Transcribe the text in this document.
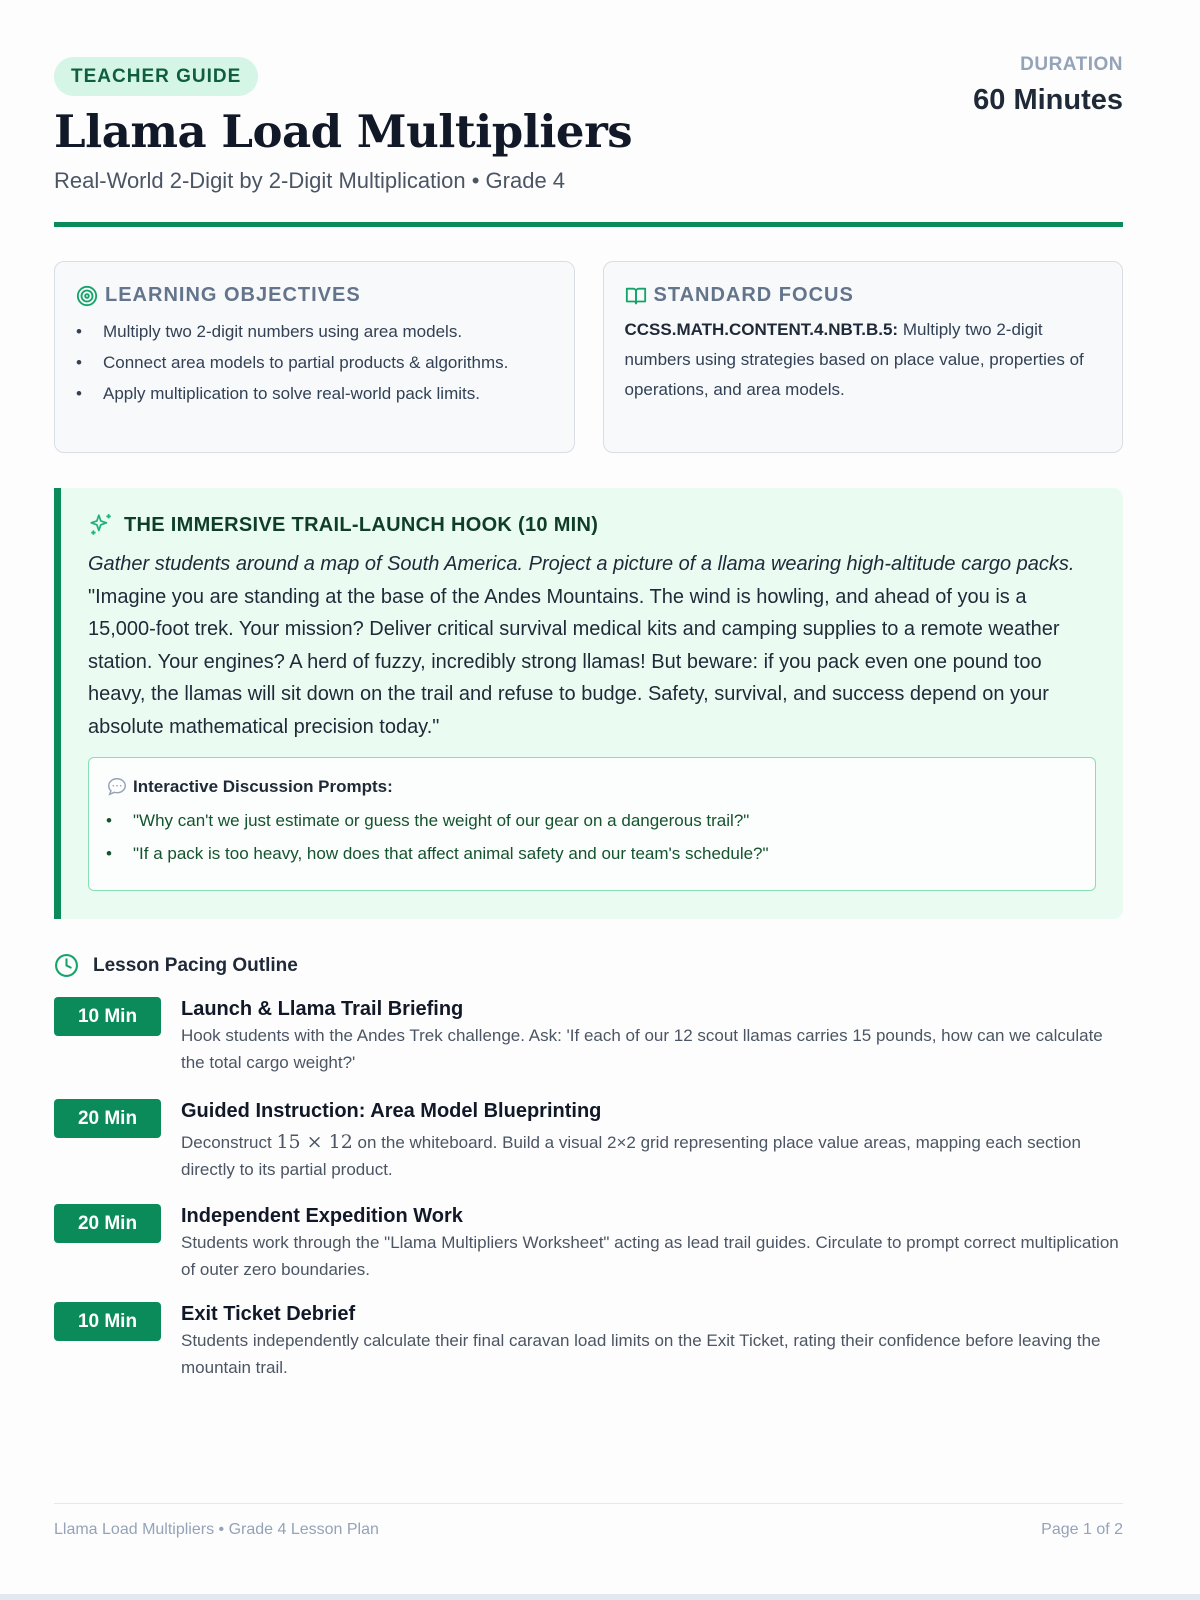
TEACHER GUIDE
Llama Load Multipliers
Real-World 2-Digit by 2-Digit Multiplication • Grade 4
DURATION
60 Minutes
LEARNING OBJECTIVES
• Multiply two 2-digit numbers using area models.
• Connect area models to partial products & algorithms.
• Apply multiplication to solve real-world pack limits.
STANDARD FOCUS

CCSS.MATH.CONTENT.4.NBT.B.5: Multiply two 2-digit numbers using strategies based on place value, properties of operations, and area models.

THE IMMERSIVE TRAIL-LAUNCH HOOK (10 MIN)

Gather students around a map of South America. Project a picture of a llama wearing high-altitude cargo packs. "Imagine you are standing at the base of the Andes Mountains. The wind is howling, and ahead of you is a 15,000-foot trek. Your mission? Deliver critical survival medical kits and camping supplies to a remote weather station. Your engines? A herd of fuzzy, incredibly strong llamas! But beware: if you pack even one pound too heavy, the llamas will sit down on the trail and refuse to budge. Safety, survival, and success depend on your absolute mathematical precision today."

Interactive Discussion Prompts:
• "Why can't we just estimate or guess the weight of our gear on a dangerous trail?"
• "If a pack is too heavy, how does that affect animal safety and our team's schedule?"
Lesson Pacing Outline
10 Min	Launch & Llama Trail Briefing
Hook students with the Andes Trek challenge. Ask: 'If each of our 12 scout llamas carries 15 pounds, how can we calculate the total cargo weight?'
20 Min	Guided Instruction: Area Model Blueprinting
Deconstruct 15 × 12 on the whiteboard. Build a visual 2×2 grid representing place value areas, mapping each section directly to its partial product.
20 Min	Independent Expedition Work
Students work through the "Llama Multipliers Worksheet" acting as lead trail guides. Circulate to prompt correct multiplication of outer zero boundaries.
10 Min	Exit Ticket Debrief
Students independently calculate their final caravan load limits on the Exit Ticket, rating their confidence before leaving the mountain trail.
Llama Load Multipliers • Grade 4 Lesson Plan	Page 1 of 2
